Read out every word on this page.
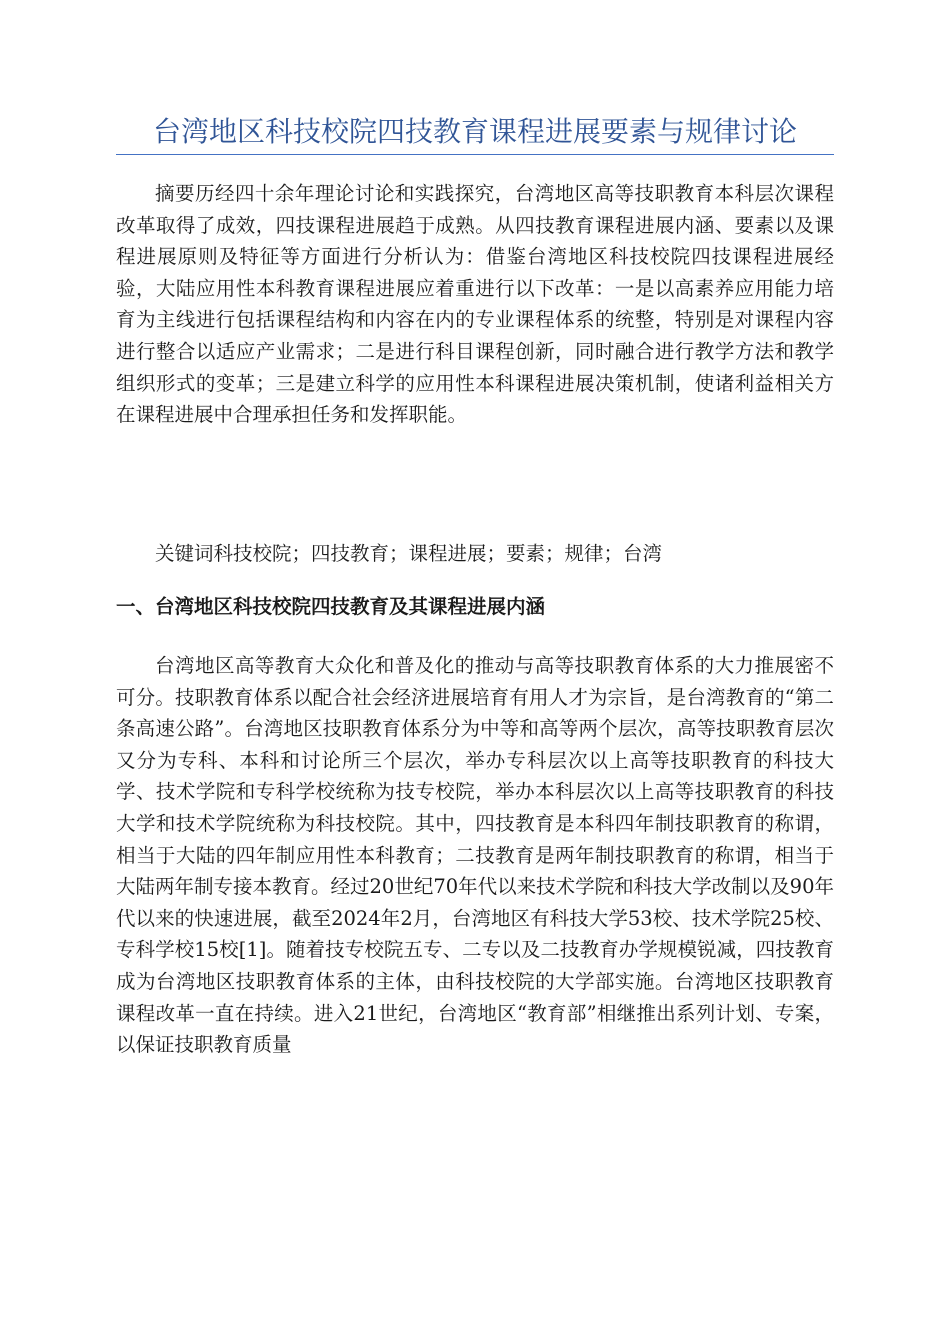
台湾地区科技校院四技教育课程进展要素与规律讨论

摘要历经四十余年理论讨论和实践探究，台湾地区高等技职教育本科层次课程改革取得了成效，四技课程进展趋于成熟。从四技教育课程进展内涵、要素以及课程进展原则及特征等方面进行分析认为：借鉴台湾地区科技校院四技课程进展经验，大陆应用性本科教育课程进展应着重进行以下改革：一是以高素养应用能力培育为主线进行包括课程结构和内容在内的专业课程体系的统整，特别是对课程内容进行整合以适应产业需求；二是进行科目课程创新，同时融合进行教学方法和教学组织形式的变革；三是建立科学的应用性本科课程进展决策机制，使诸利益相关方在课程进展中合理承担任务和发挥职能。

关键词科技校院；四技教育；课程进展；要素；规律；台湾

一、台湾地区科技校院四技教育及其课程进展内涵

台湾地区高等教育大众化和普及化的推动与高等技职教育体系的大力推展密不可分。技职教育体系以配合社会经济进展培育有用人才为宗旨，是台湾教育的“第二条高速公路”。台湾地区技职教育体系分为中等和高等两个层次，高等技职教育层次又分为专科、本科和讨论所三个层次，举办专科层次以上高等技职教育的科技大学、技术学院和专科学校统称为技专校院，举办本科层次以上高等技职教育的科技大学和技术学院统称为科技校院。其中，四技教育是本科四年制技职教育的称谓，相当于大陆的四年制应用性本科教育；二技教育是两年制技职教育的称谓，相当于大陆两年制专接本教育。经过20世纪70年代以来技术学院和科技大学改制以及90年代以来的快速进展，截至2024年2月，台湾地区有科技大学53校、技术学院25校、专科学校15校[1]。随着技专校院五专、二专以及二技教育办学规模锐减，四技教育成为台湾地区技职教育体系的主体，由科技校院的大学部实施。台湾地区技职教育课程改革一直在持续。进入21世纪，台湾地区“教育部”相继推出系列计划、专案，以保证技职教育质量
